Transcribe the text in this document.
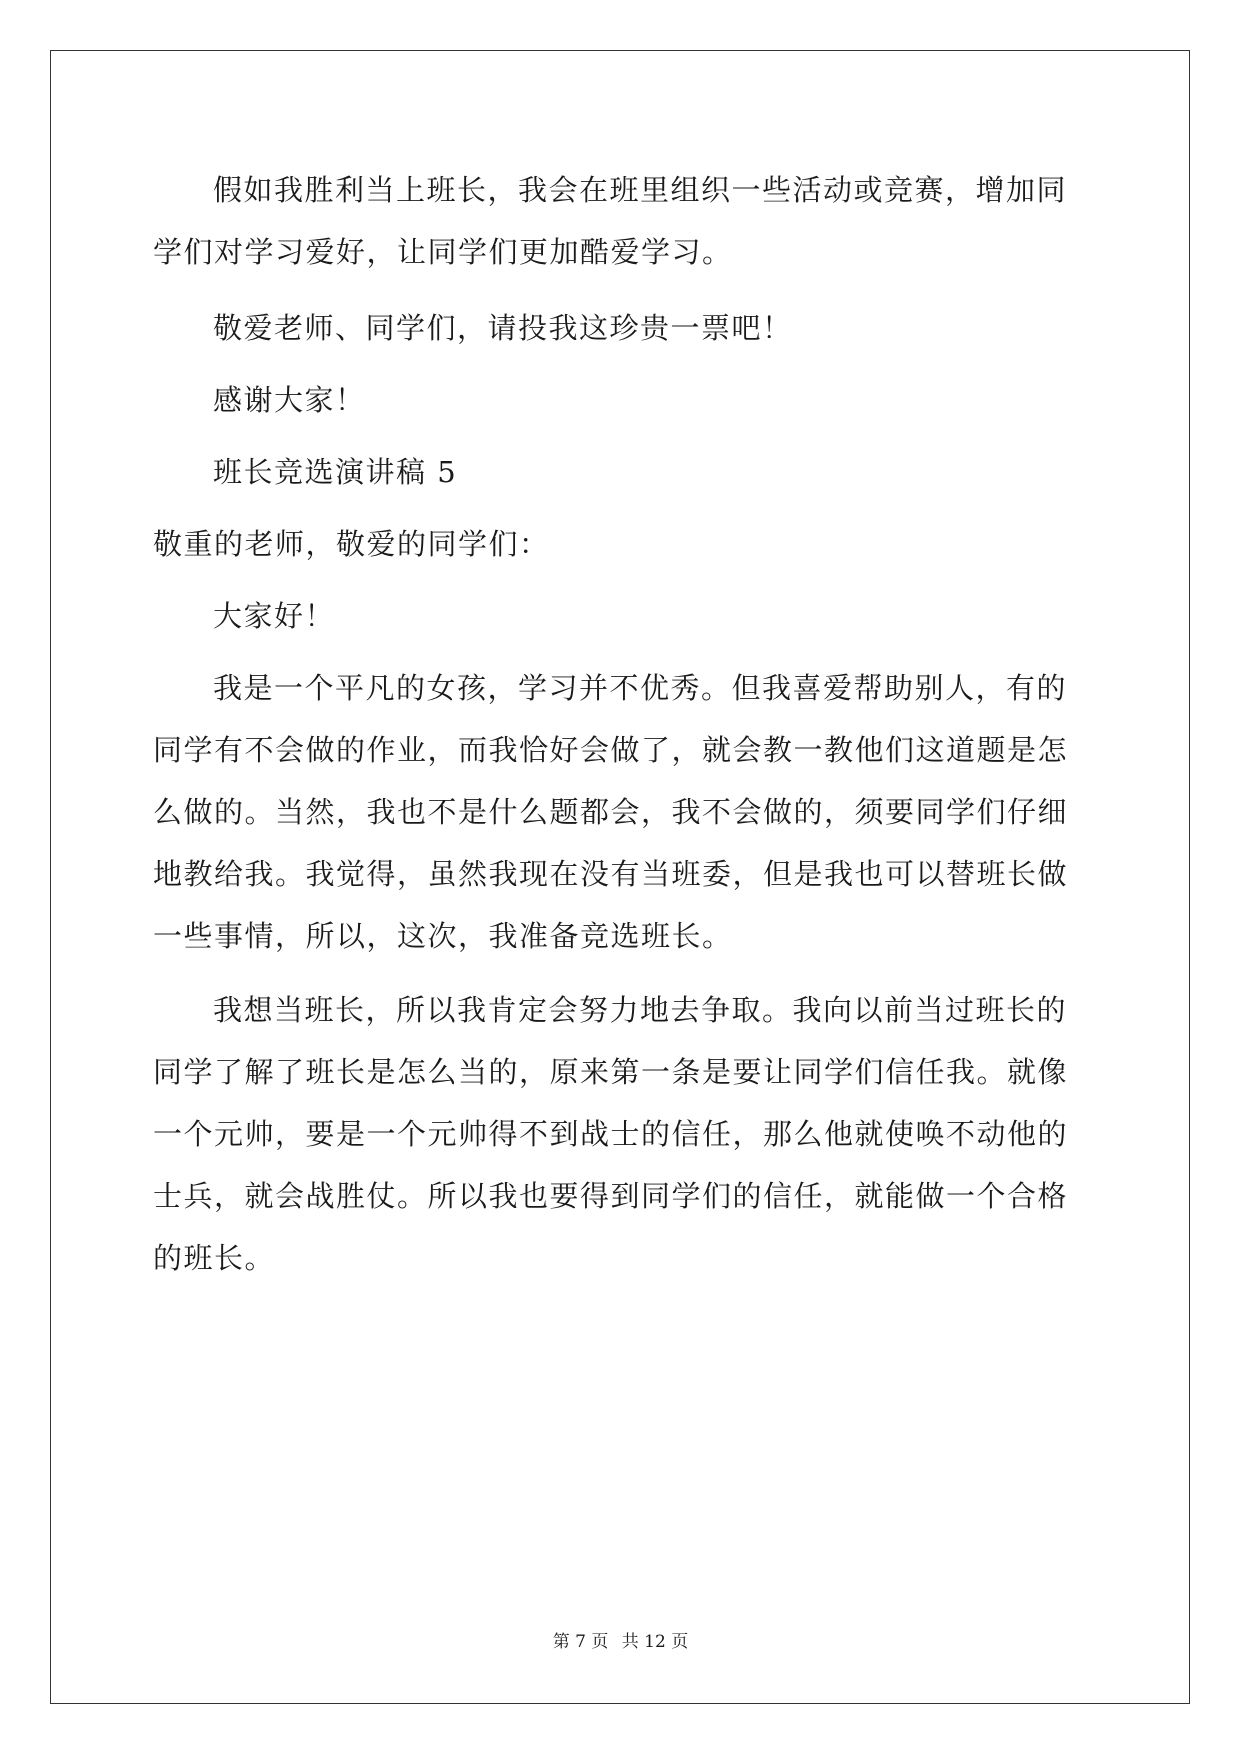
假如我胜利当上班长，我会在班里组织一些活动或竞赛，增加同
学们对学习爱好，让同学们更加酷爱学习。
敬爱老师、同学们，请投我这珍贵一票吧！
感谢大家！
班长竞选演讲稿 5
敬重的老师，敬爱的同学们：
大家好！
我是一个平凡的女孩，学习并不优秀。但我喜爱帮助别人，有的
同学有不会做的作业，而我恰好会做了，就会教一教他们这道题是怎
么做的。当然，我也不是什么题都会，我不会做的，须要同学们仔细
地教给我。我觉得，虽然我现在没有当班委，但是我也可以替班长做
一些事情，所以，这次，我准备竞选班长。
我想当班长，所以我肯定会努力地去争取。我向以前当过班长的
同学了解了班长是怎么当的，原来第一条是要让同学们信任我。就像
一个元帅，要是一个元帅得不到战士的信任，那么他就使唤不动他的
士兵，就会战胜仗。所以我也要得到同学们的信任，就能做一个合格
的班长。
第 7 页 共 12 页
